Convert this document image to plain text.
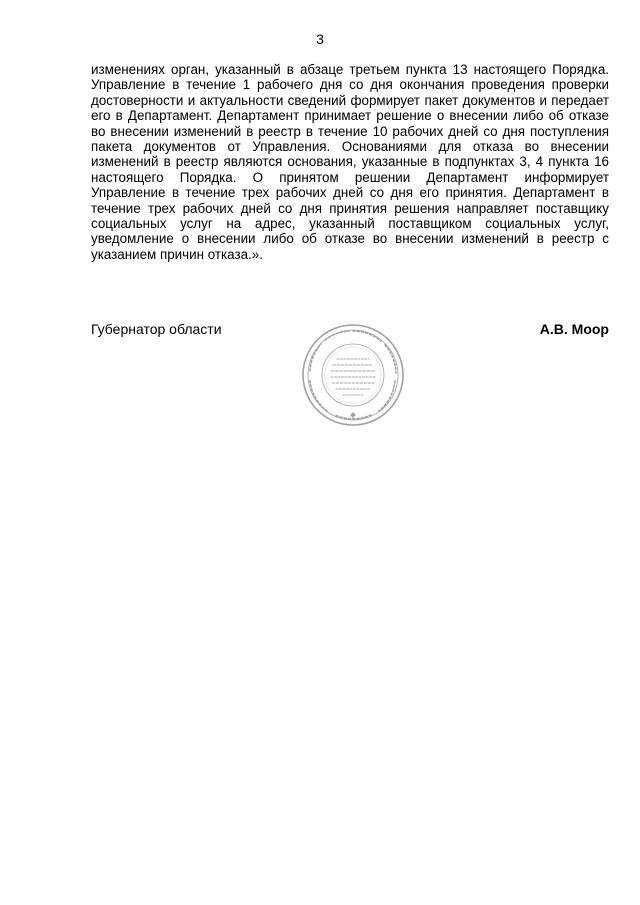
3

изменениях орган, указанный в абзаце третьем пункта 13 настоящего Порядка. Управление в течение 1 рабочего дня со дня окончания проведения проверки достоверности и актуальности сведений формирует пакет документов и передает его в Департамент. Департамент принимает решение о внесении либо об отказе во внесении изменений в реестр в течение 10 рабочих дней со дня поступления пакета документов от Управления. Основаниями для отказа во внесении изменений в реестр являются основания, указанные в подпунктах 3, 4 пункта 16 настоящего Порядка. О принятом решении Департамент информирует Управление в течение трех рабочих дней со дня его принятия. Департамент в течение трех рабочих дней со дня принятия решения направляет поставщику социальных услуг на адрес, указанный поставщиком социальных услуг, уведомление о внесении либо об отказе во внесении изменений в реестр с указанием причин отказа.».

Губернатор области	А.В. Моор
